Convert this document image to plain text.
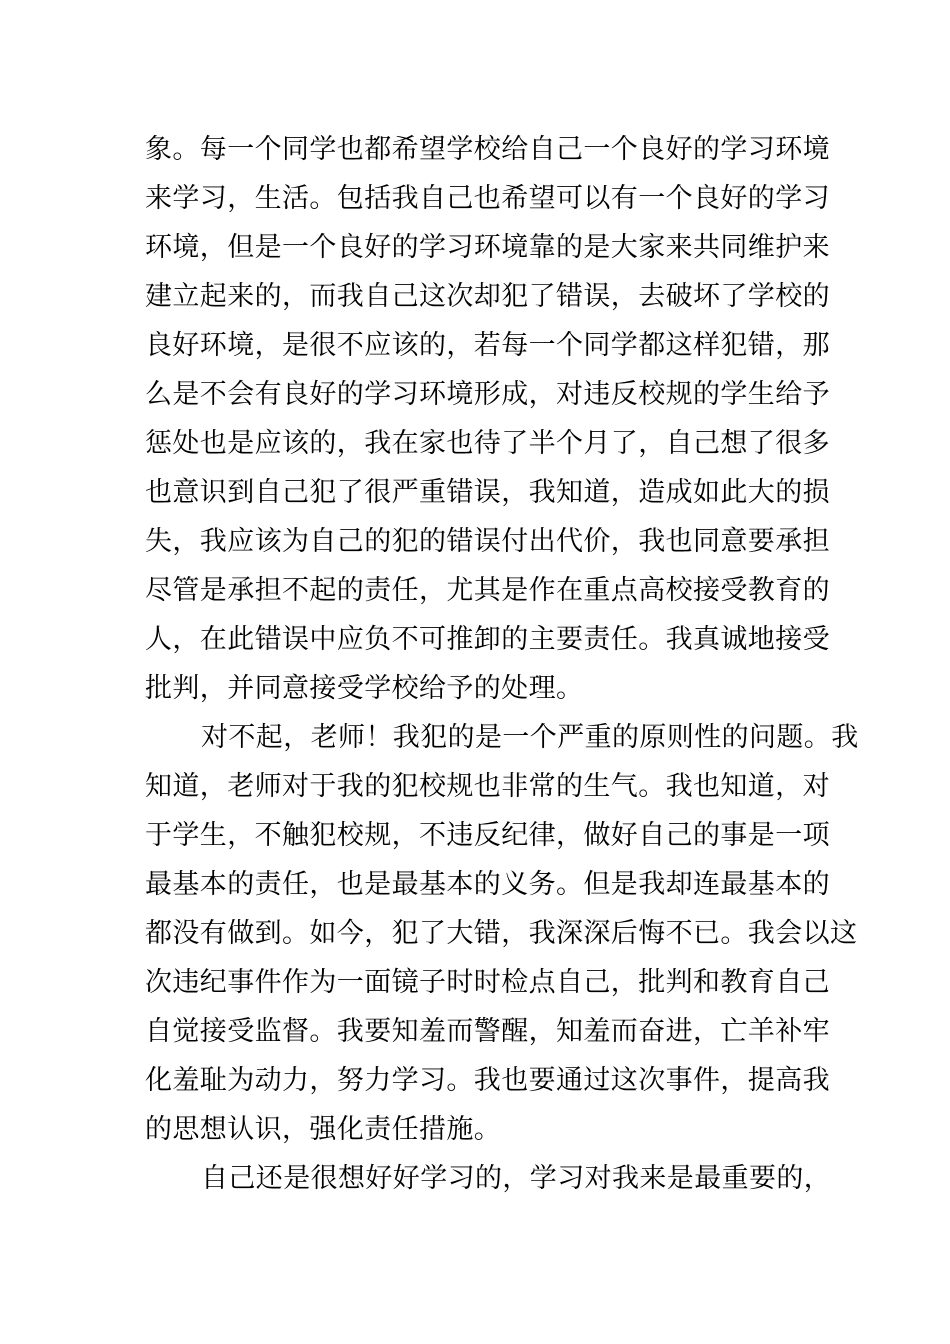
象。每一个同学也都希望学校给自己一个良好的学习环境
来学习，生活。包括我自己也希望可以有一个良好的学习
环境，但是一个良好的学习环境靠的是大家来共同维护来
建立起来的，而我自己这次却犯了错误，去破坏了学校的
良好环境，是很不应该的，若每一个同学都这样犯错，那
么是不会有良好的学习环境形成，对违反校规的学生给予
惩处也是应该的，我在家也待了半个月了，自己想了很多
也意识到自己犯了很严重错误，我知道，造成如此大的损
失，我应该为自己的犯的错误付出代价，我也同意要承担
尽管是承担不起的责任，尤其是作在重点高校接受教育的
人，在此错误中应负不可推卸的主要责任。我真诚地接受
批判，并同意接受学校给予的处理。
对不起，老师！我犯的是一个严重的原则性的问题。我
知道，老师对于我的犯校规也非常的生气。我也知道，对
于学生，不触犯校规，不违反纪律，做好自己的事是一项
最基本的责任，也是最基本的义务。但是我却连最基本的
都没有做到。如今，犯了大错，我深深后悔不已。我会以这
次违纪事件作为一面镜子时时检点自己，批判和教育自己
自觉接受监督。我要知羞而警醒，知羞而奋进，亡羊补牢
化羞耻为动力，努力学习。我也要通过这次事件，提高我
的思想认识，强化责任措施。
自己还是很想好好学习的，学习对我来是最重要的，
